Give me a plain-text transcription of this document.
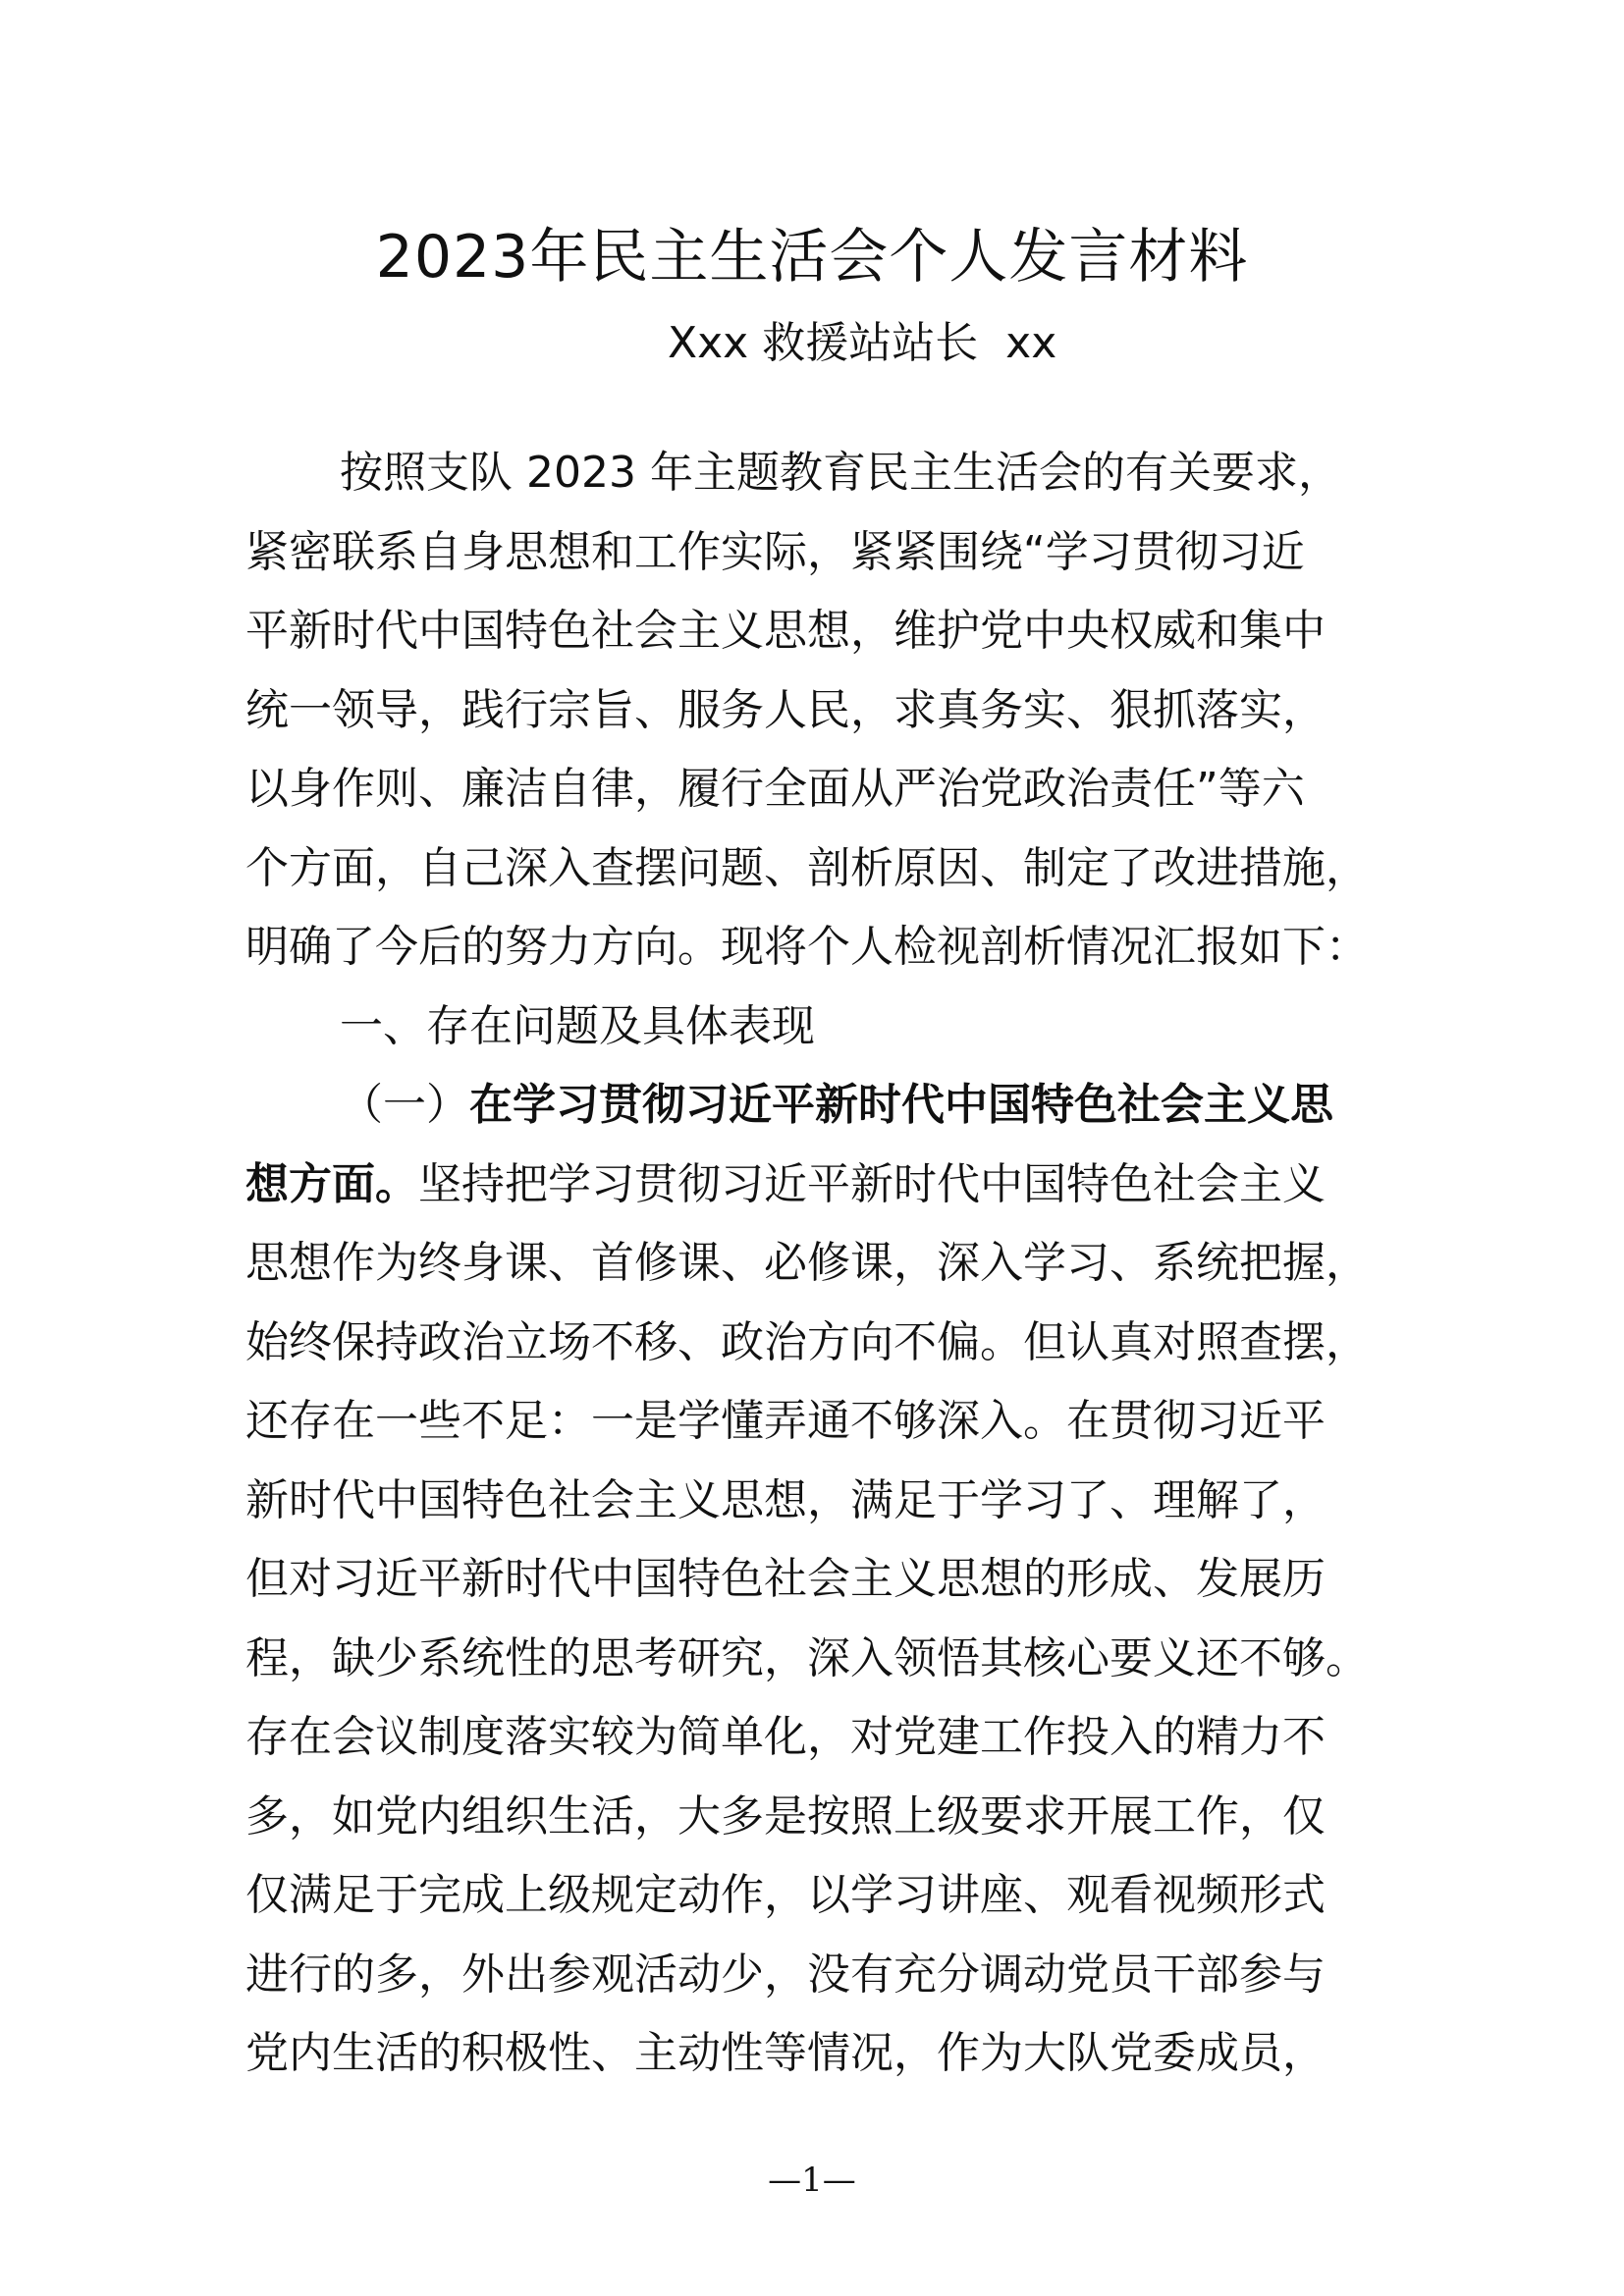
2023年民主生活会个人发言材料
Xxx 救援站站长  xx
按照支队 2023 年主题教育民主生活会的有关要求，
紧密联系自身思想和工作实际，紧紧围绕“学习贯彻习近
平新时代中国特色社会主义思想，维护党中央权威和集中
统一领导，践行宗旨、服务人民，求真务实、狠抓落实，
以身作则、廉洁自律，履行全面从严治党政治责任”等六
个方面，自己深入查摆问题、剖析原因、制定了改进措施，
明确了今后的努力方向。现将个人检视剖析情况汇报如下：
一、存在问题及具体表现
（一）在学习贯彻习近平新时代中国特色社会主义思
想方面。坚持把学习贯彻习近平新时代中国特色社会主义
思想作为终身课、首修课、必修课，深入学习、系统把握，
始终保持政治立场不移、政治方向不偏。但认真对照查摆，
还存在一些不足：一是学懂弄通不够深入。在贯彻习近平
新时代中国特色社会主义思想，满足于学习了、理解了，
但对习近平新时代中国特色社会主义思想的形成、发展历
程，缺少系统性的思考研究，深入领悟其核心要义还不够。
存在会议制度落实较为简单化，对党建工作投入的精力不
多，如党内组织生活，大多是按照上级要求开展工作，仅
仅满足于完成上级规定动作，以学习讲座、观看视频形式
进行的多，外出参观活动少，没有充分调动党员干部参与
党内生活的积极性、主动性等情况，作为大队党委成员，
—1—
